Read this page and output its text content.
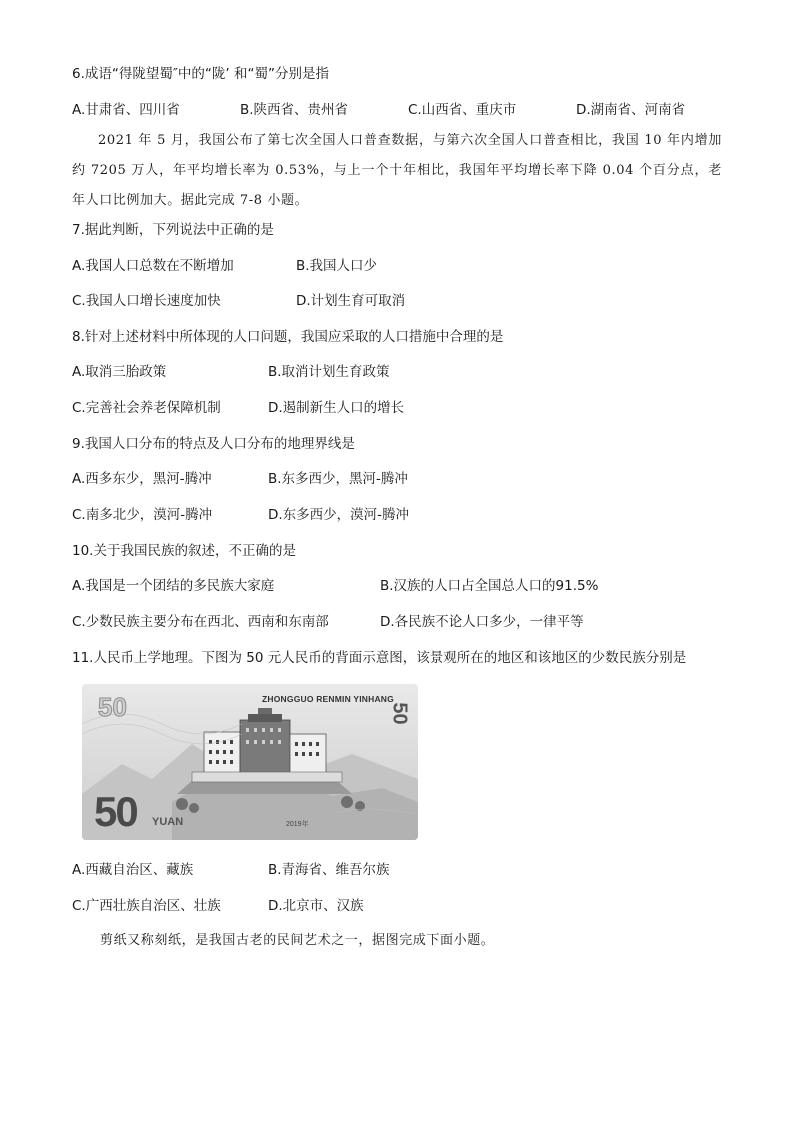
6.成语“得陇望蜀″中的“陇’ 和“蜀”分别是指
A.甘肃省、四川省	B.陕西省、贵州省	C.山西省、重庆市	D.湖南省、河南省
2021 年 5 月，我国公布了第七次全国人口普查数据，与第六次全国人口普查相比，我国 10 年内增加约 7205 万人，年平均增长率为 0.53%，与上一个十年相比，我国年平均增长率下降 0.04 个百分点，老年人口比例加大。据此完成 7-8 小题。
7.据此判断，下列说法中正确的是
A.我国人口总数在不断增加	B.我国人口少
C.我国人口增长速度加快	D.计划生育可取消
8.针对上述材料中所体现的人口问题，我国应采取的人口措施中合理的是
A.取消三胎政策	B.取消计划生育政策
C.完善社会养老保障机制	D.遏制新生人口的增长
9.我国人口分布的特点及人口分布的地理界线是
A.西多东少，黑河-腾冲	B.东多西少，黑河-腾冲
C.南多北少，漠河-腾冲	D.东多西少，漠河-腾冲
10.关于我国民族的叙述，不正确的是
A.我国是一个团结的多民族大家庭	B.汉族的人口占全国总人口的91.5%
C.少数民族主要分布在西北、西南和东南部	D.各民族不论人口多少，一律平等
11.人民币上学地理。下图为 50 元人民币的背面示意图，该景观所在的地区和该地区的少数民族分别是
50	ZHONGGUO RENMIN YINHANG
50
50 YUAN	2019年
A.西藏自治区、藏族	B.青海省、维吾尔族
C.广西壮族自治区、壮族	D.北京市、汉族
剪纸又称刻纸，是我国古老的民间艺术之一，据图完成下面小题。
